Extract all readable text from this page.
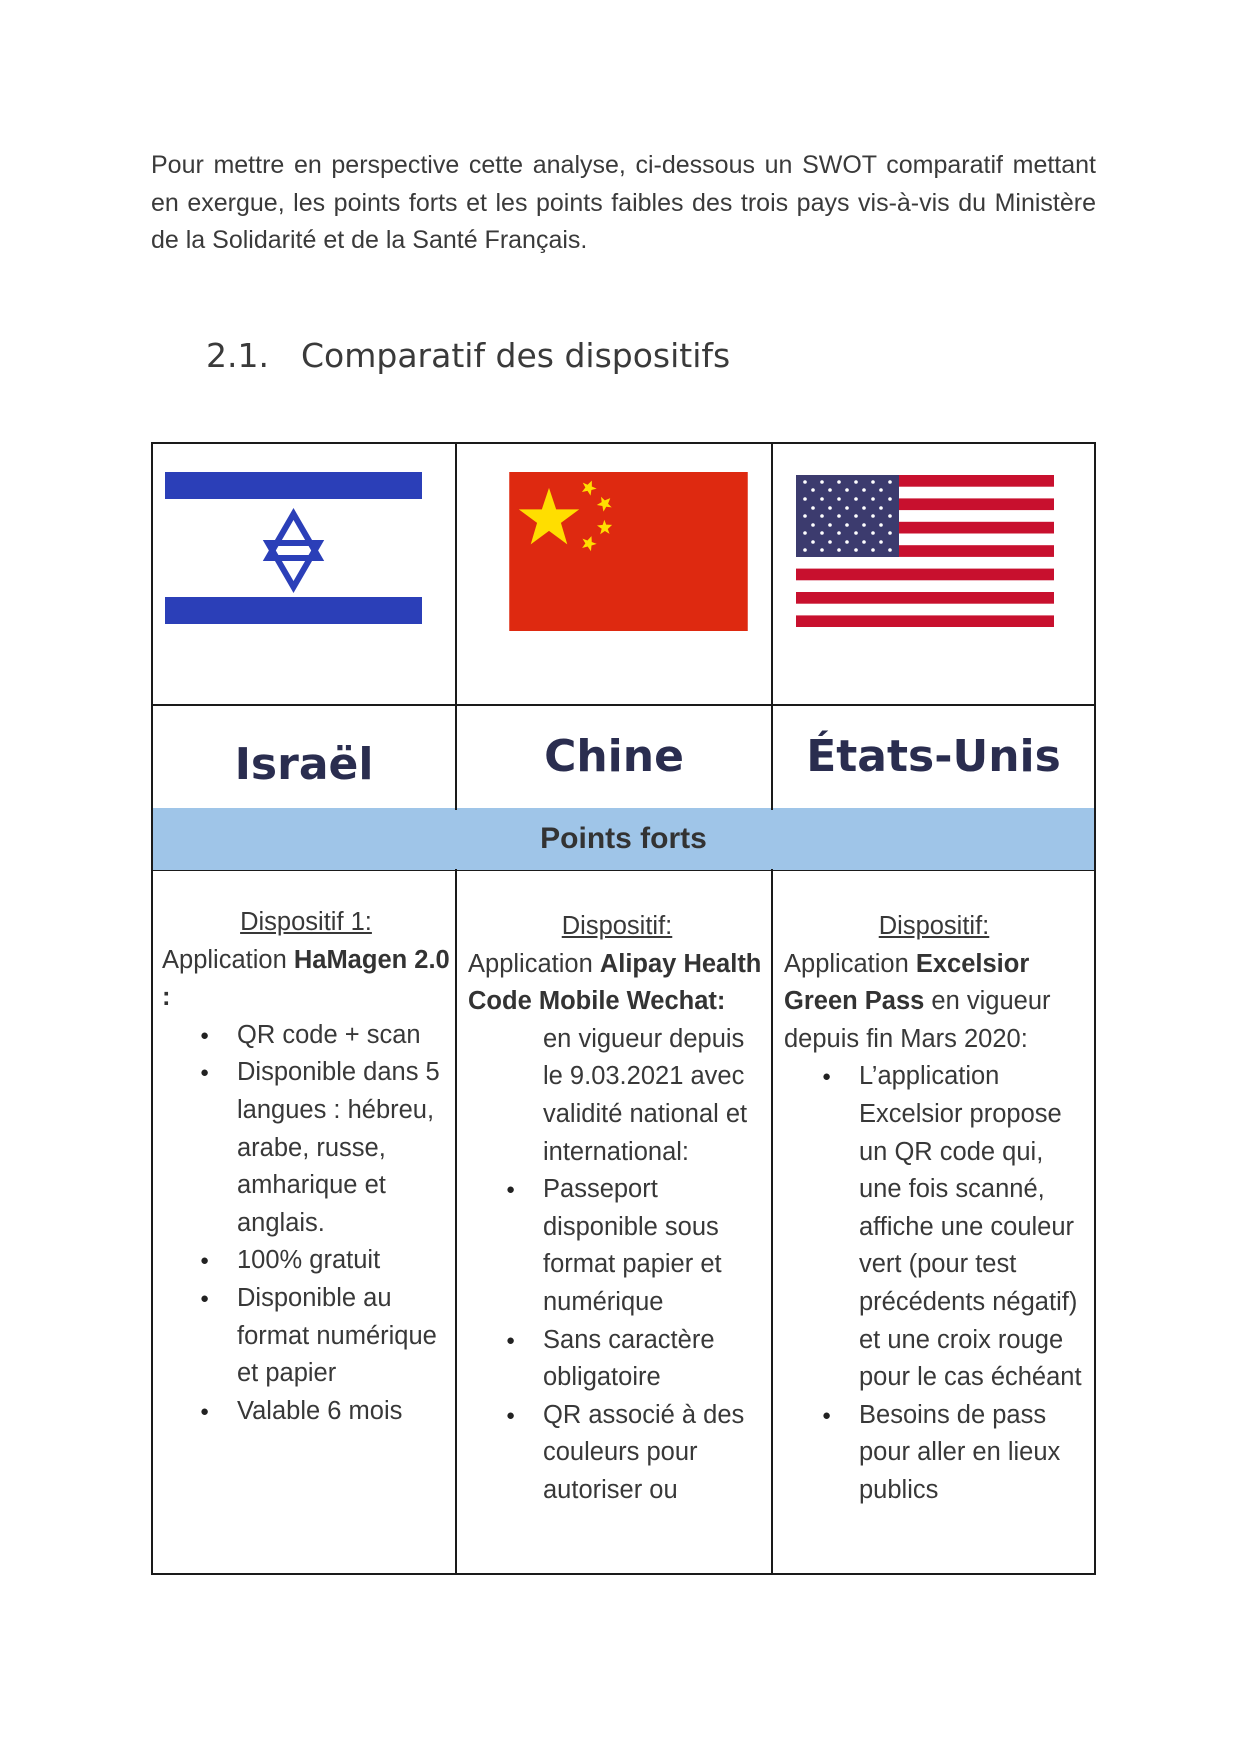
Pour mettre en perspective cette analyse, ci-dessous un SWOT comparatif mettant en exergue, les points forts et les points faibles des trois pays vis-à-vis du Ministère de la Solidarité et de la Santé Français.

2.1. Comparatif des dispositifs
Points forts
Israël	Chine	États-Unis
Dispositif 1:
Application HaMagen 2.0 :
● QR code + scan
● Disponible dans 5 langues : hébreu, arabe, russe, amharique et anglais.
● 100% gratuit
● Disponible au format numérique et papier
● Valable 6 mois
Dispositif:
Application Alipay Health Code Mobile Wechat:
en vigueur depuis le 9.03.2021 avec validité national et international:
● Passeport disponible sous format papier et numérique
● Sans caractère obligatoire
● QR associé à des couleurs pour autoriser ou
Dispositif:
Application Excelsior Green Pass en vigueur depuis fin Mars 2020:
● L’application Excelsior propose un QR code qui, une fois scanné, affiche une couleur vert (pour test précédents négatif) et une croix rouge pour le cas échéant
● Besoins de pass pour aller en lieux publics
